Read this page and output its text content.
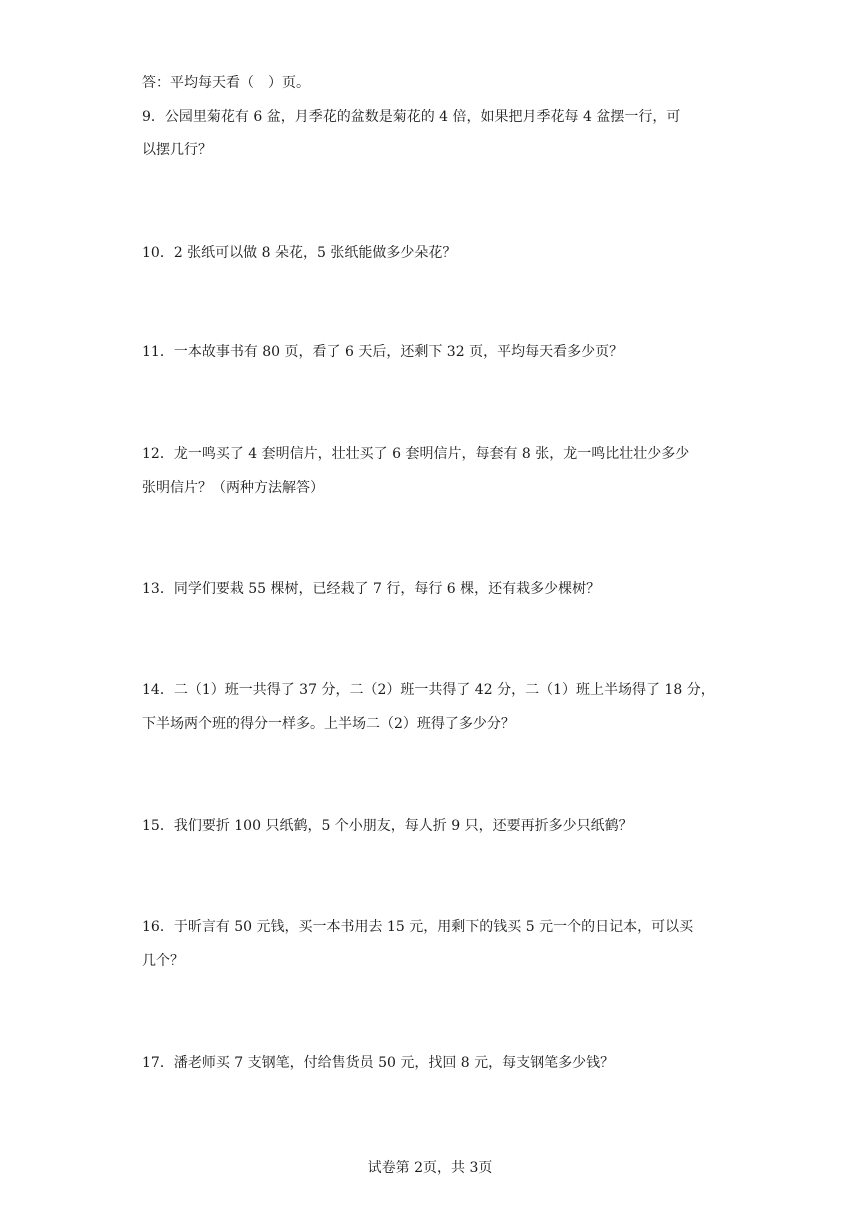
答：平均每天看（　）页。

9．公园里菊花有 6 盆，月季花的盆数是菊花的 4 倍，如果把月季花每 4 盆摆一行，可

以摆几行？

10．2 张纸可以做 8 朵花，5 张纸能做多少朵花？

11．一本故事书有 80 页，看了 6 天后，还剩下 32 页，平均每天看多少页？

12．龙一鸣买了 4 套明信片，壮壮买了 6 套明信片，每套有 8 张，龙一鸣比壮壮少多少

张明信片？（两种方法解答）

13．同学们要栽 55 棵树，已经栽了 7 行，每行 6 棵，还有栽多少棵树？

14．二（1）班一共得了 37 分，二（2）班一共得了 42 分，二（1）班上半场得了 18 分，

下半场两个班的得分一样多。上半场二（2）班得了多少分？

15．我们要折 100 只纸鹤，5 个小朋友，每人折 9 只，还要再折多少只纸鹤？

16．于昕言有 50 元钱，买一本书用去 15 元，用剩下的钱买 5 元一个的日记本，可以买

几个？

17．潘老师买 7 支钢笔，付给售货员 50 元，找回 8 元，每支钢笔多少钱？

试卷第 2页，共 3页
